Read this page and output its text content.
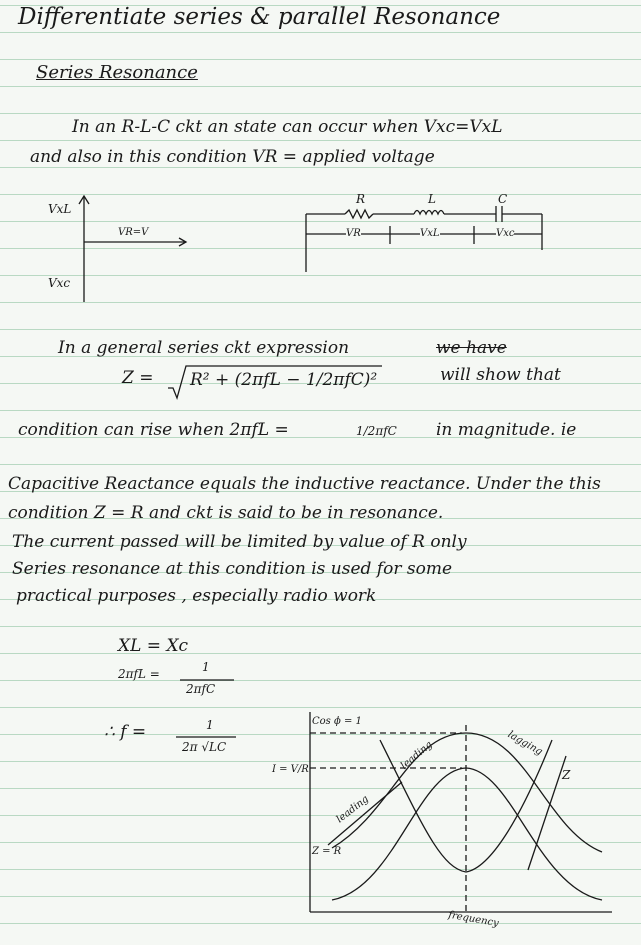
Differentiate series & parallel Resonance
Series Resonance
In an R-L-C ckt an state can occur when Vxc=VxL
and also in this condition VR = applied voltage
VxL
VR=V
Vxc
R	L	C
VR	VxL	Vxc
In a general series ckt expression	we have
Z = R² + (2πfL − 1/2πfC)²	will show that
condition can rise when 2πfL =	1/2πfC in magnitude. ie
Capacitive Reactance equals the inductive reactance. Under the this
condition Z = R and ckt is said to be in resonance.
The current passed will be limited by value of R only
Series resonance at this condition is used for some
practical purposes , especially radio work
XL = Xc
2πfL =	1
2πfC
∴ f =	1
2π √LC
Cos ϕ = 1
I = V/R
Z = R
leading
leading	lagging
Z
frequency
